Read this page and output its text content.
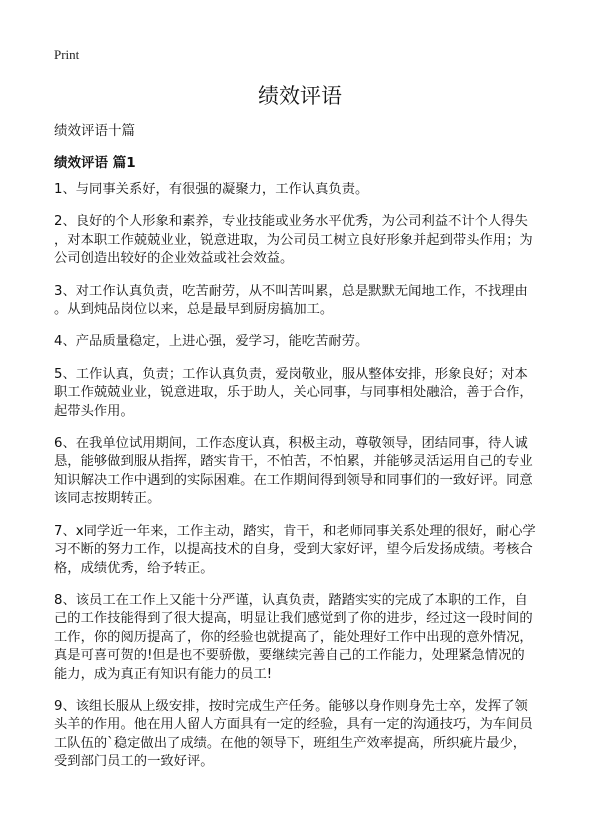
Print
绩效评语
绩效评语十篇
绩效评语 篇1
1、与同事关系好，有很强的凝聚力，工作认真负责。
2、良好的个人形象和素养，专业技能或业务水平优秀，为公司利益不计个人得失
，对本职工作兢兢业业，锐意进取，为公司员工树立良好形象并起到带头作用；为
公司创造出较好的企业效益或社会效益。
3、对工作认真负责，吃苦耐劳，从不叫苦叫累，总是默默无闻地工作，不找理由
。从到炖品岗位以来，总是最早到厨房搞加工。
4、产品质量稳定，上进心强，爱学习，能吃苦耐劳。
5、工作认真，负责；工作认真负责，爱岗敬业，服从整体安排，形象良好；对本
职工作兢兢业业，锐意进取，乐于助人，关心同事，与同事相处融洽，善于合作，
起带头作用。
6、在我单位试用期间，工作态度认真，积极主动，尊敬领导，团结同事，待人诚
恳，能够做到服从指挥，踏实肯干，不怕苦，不怕累，并能够灵活运用自己的专业
知识解决工作中遇到的实际困难。在工作期间得到领导和同事们的一致好评。同意
该同志按期转正。
7、x同学近一年来，工作主动，踏实，肯干，和老师同事关系处理的很好，耐心学
习不断的努力工作，以提高技术的自身，受到大家好评，望今后发扬成绩。考核合
格，成绩优秀，给予转正。
8、该员工在工作上又能十分严谨，认真负责，踏踏实实的完成了本职的工作，自
己的工作技能得到了很大提高，明显让我们感觉到了你的进步，经过这一段时间的
工作，你的阅历提高了，你的经验也就提高了，能处理好工作中出现的意外情况，
真是可喜可贺的!但是也不要骄傲，要继续完善自己的工作能力，处理紧急情况的
能力，成为真正有知识有能力的员工!
9、该组长服从上级安排，按时完成生产任务。能够以身作则身先士卒，发挥了领
头羊的作用。他在用人留人方面具有一定的经验，具有一定的沟通技巧，为车间员
工队伍的`稳定做出了成绩。在他的领导下，班组生产效率提高，所织疵片最少，
受到部门员工的一致好评。
